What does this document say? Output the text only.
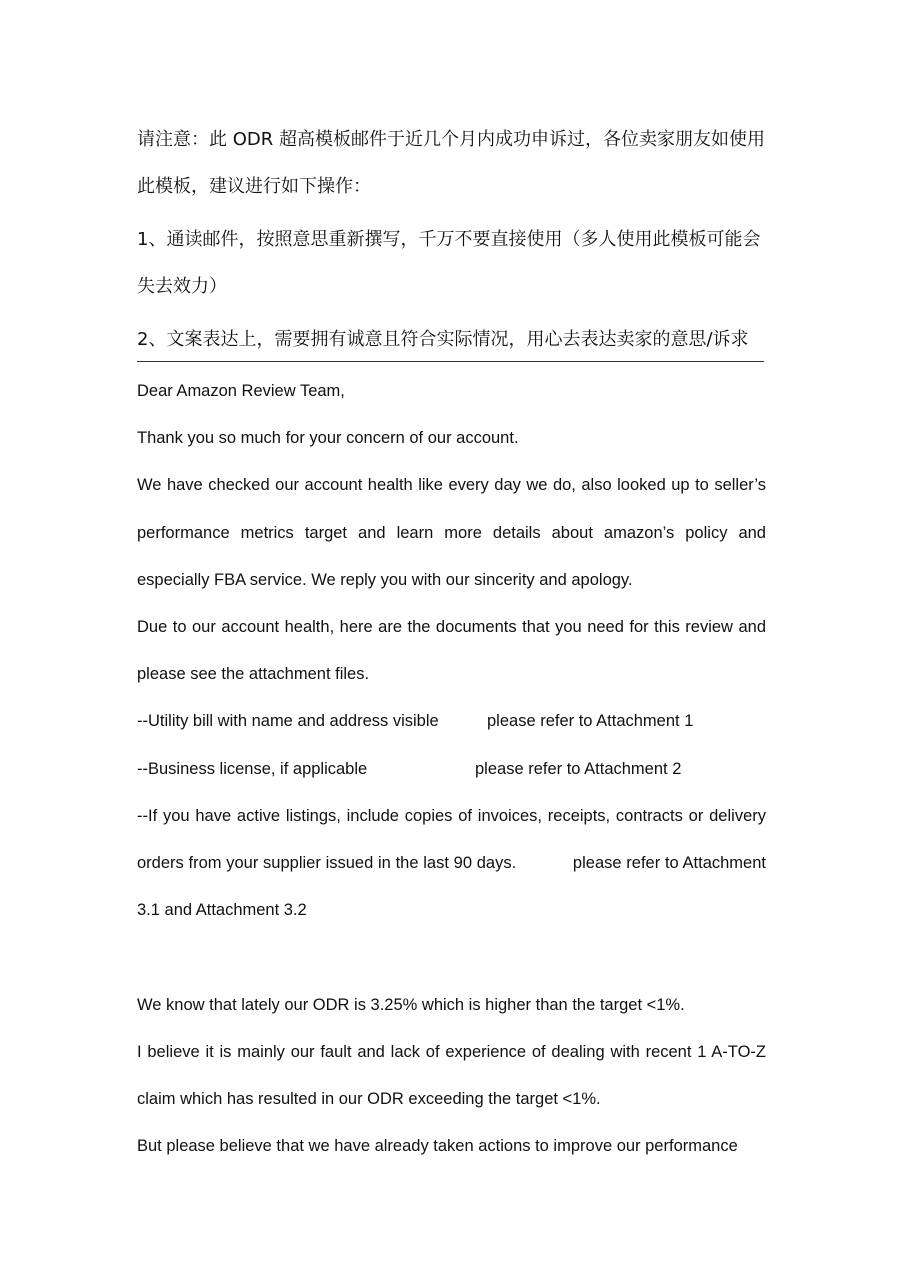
请注意：此 ODR 超高模板邮件于近几个月内成功申诉过，各位卖家朋友如使用

此模板，建议进行如下操作：

1、通读邮件，按照意思重新撰写，千万不要直接使用（多人使用此模板可能会

失去效力）

2、文案表达上，需要拥有诚意且符合实际情况，用心去表达卖家的意思/诉求

Dear Amazon Review Team,

Thank you so much for your concern of our account.

We have checked our account health like every day we do, also looked up to seller’s performance metrics target and learn more details about amazon’s policy and especially FBA service. We reply you with our sincerity and apology.

Due to our account health, here are the documents that you need for this review and please see the attachment files.

--Utility bill with name and address visible	please refer to Attachment 1

--Business license, if applicable	please refer to Attachment 2

--If you have active listings, include copies of invoices, receipts, contracts or delivery orders from your supplier issued in the last 90 days.            please refer to Attachment 3.1 and Attachment 3.2

We know that lately our ODR is 3.25% which is higher than the target <1%.

I believe it is mainly our fault and lack of experience of dealing with recent 1 A-TO-Z claim which has resulted in our ODR exceeding the target <1%.

But please believe that we have already taken actions to improve our performance
